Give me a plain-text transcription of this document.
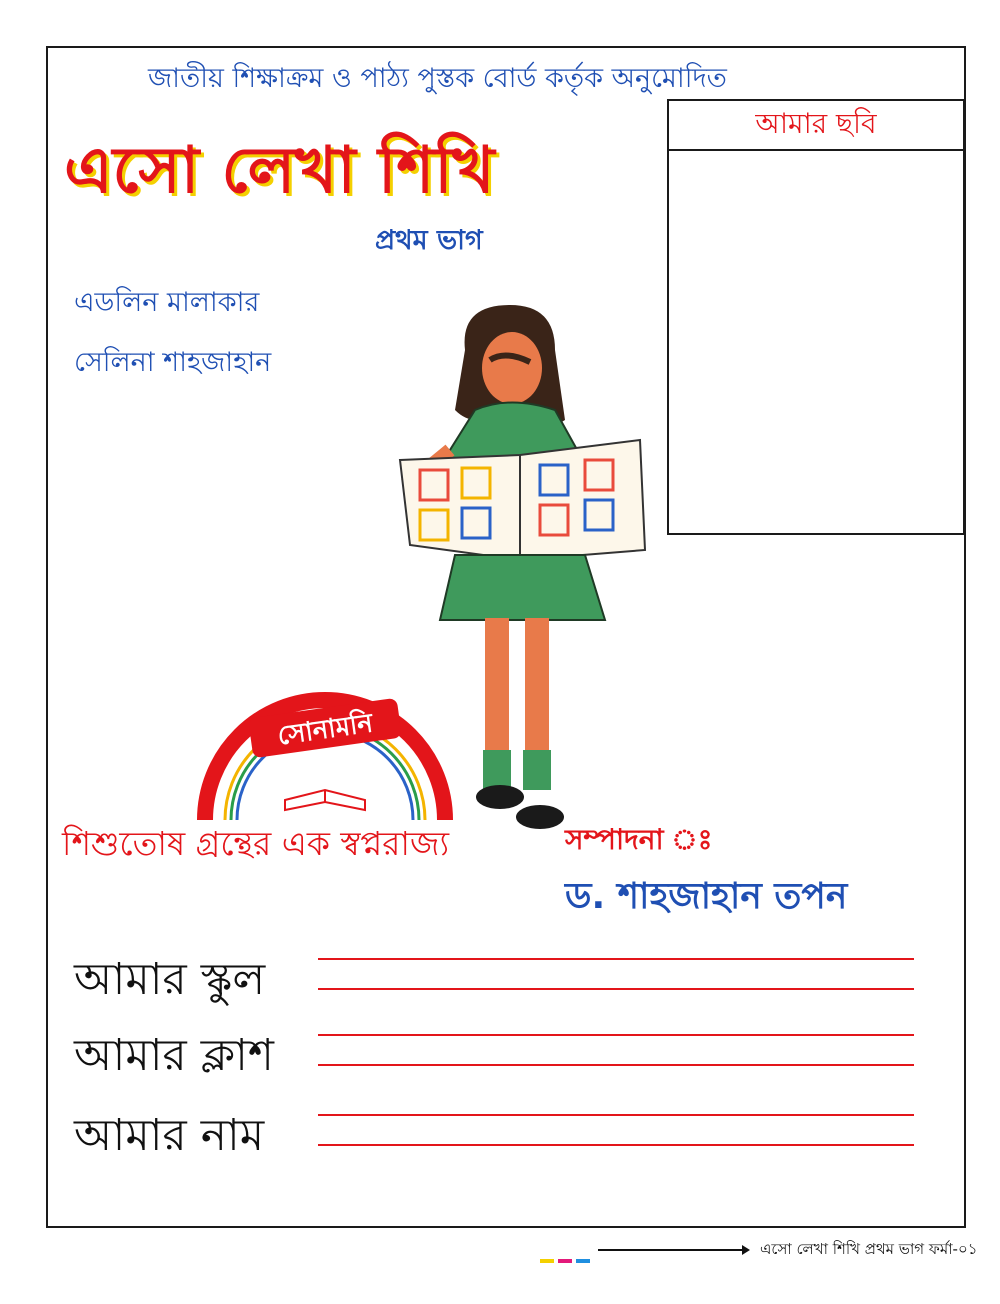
জাতীয় শিক্ষাক্রম ও পাঠ্য পুস্তক বোর্ড কর্তৃক অনুমোদিত
এসো লেখা শিখি
প্রথম ভাগ
এডলিন মালাকার
সেলিনা শাহজাহান
আমার ছবি
সোনামনি
শিশুতোষ গ্রন্থের এক স্বপ্নরাজ্য	সম্পাদনা ঃ
ড. শাহজাহান তপন
আমার স্কুল
আমার ক্লাশ
আমার নাম
এসো লেখা শিখি প্রথম ভাগ ফর্মা-০১
